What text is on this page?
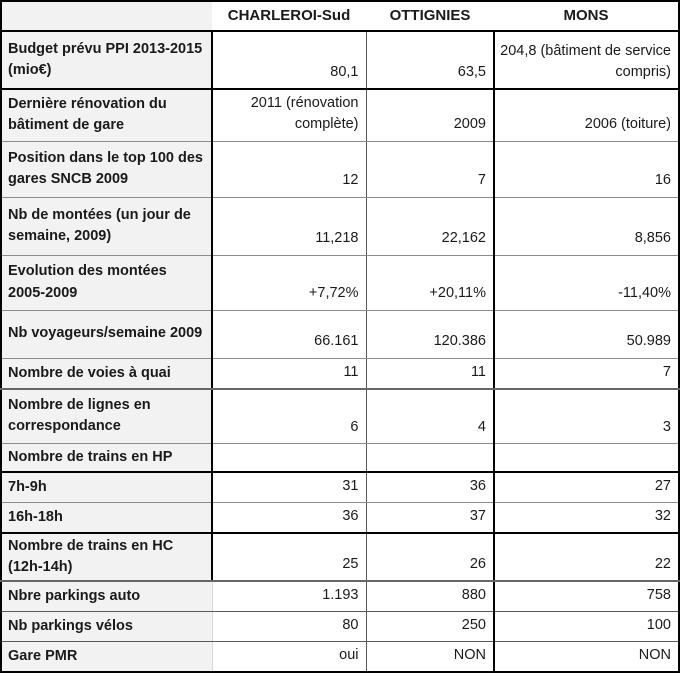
	CHARLEROI-Sud	OTTIGNIES	MONS
Budget prévu PPI 2013-2015 (mio€)	80,1	63,5	204,8 (bâtiment de service compris)
Dernière rénovation du bâtiment de gare	2011 (rénovation complète)	2009	2006 (toiture)
Position dans le top 100 des gares SNCB 2009	12	7	16
Nb de montées (un jour de semaine, 2009)	11,218	22,162	8,856
Evolution des montées 2005-2009	+7,72%	+20,11%	-11,40%
Nb voyageurs/semaine 2009	66.161	120.386	50.989
Nombre de voies à quai	11	11	7
Nombre de lignes en correspondance	6	4	3
Nombre de trains en HP			
7h-9h	31	36	27
16h-18h	36	37	32
Nombre de trains en HC (12h-14h)	25	26	22
Nbre parkings auto	1.193	880	758
Nb parkings vélos	80	250	100
Gare PMR	oui	NON	NON
